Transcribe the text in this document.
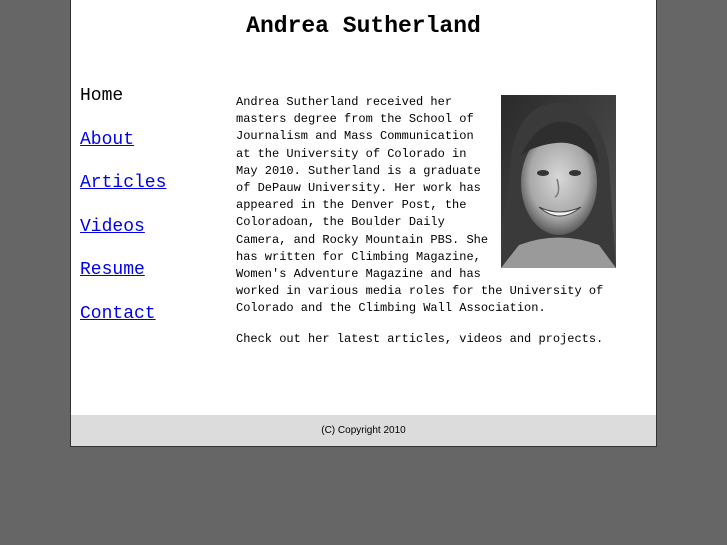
Andrea Sutherland
Home
About
Articles
Videos
Resume
Contact

Andrea Sutherland received her masters degree from the School of Journalism and Mass Communication at the University of Colorado in May 2010. Sutherland is a graduate of DePauw University. Her work has appeared in the Denver Post, the Coloradoan, the Boulder Daily Camera, and Rocky Mountain PBS. She has written for Climbing Magazine, Women's Adventure Magazine and has worked in various media roles for the University of Colorado and the Climbing Wall Association.

Check out her latest articles, videos and projects.

(C) Copyright 2010
